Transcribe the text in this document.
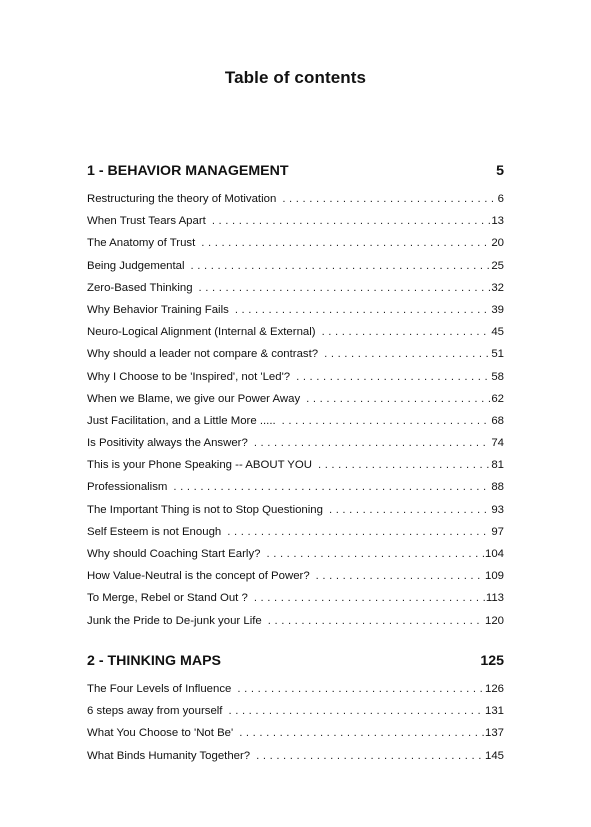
Table of contents
1 - BEHAVIOR MANAGEMENT	5
Restructuring the theory of Motivation . . .	6
When Trust Tears Apart . . .	13
The Anatomy of Trust . . .	20
Being Judgemental . . .	25
Zero-Based Thinking . . .	32
Why Behavior Training Fails . . .	39
Neuro-Logical Alignment (Internal & External) . . .	45
Why should a leader not compare & contrast? . . .	51
Why I Choose to be 'Inspired', not 'Led'? . . .	58
When we Blame, we give our Power Away . . .	62
Just Facilitation, and a Little More ..... . . .	68
Is Positivity always the Answer? . . .	74
This is your Phone Speaking -- ABOUT YOU . . .	81
Professionalism . . .	88
The Important Thing is not to Stop Questioning . . .	93
Self Esteem is not Enough . . .	97
Why should Coaching Start Early? . . .	104
How Value-Neutral is the concept of Power? . . .	109
To Merge, Rebel or Stand Out ? . . .	113
Junk the Pride to De-junk your Life . . .	120
2 - THINKING MAPS	125
The Four Levels of Influence . . .	126
6 steps away from yourself . . .	131
What You Choose to 'Not Be' . . .	137
What Binds Humanity Together? . . .	145
